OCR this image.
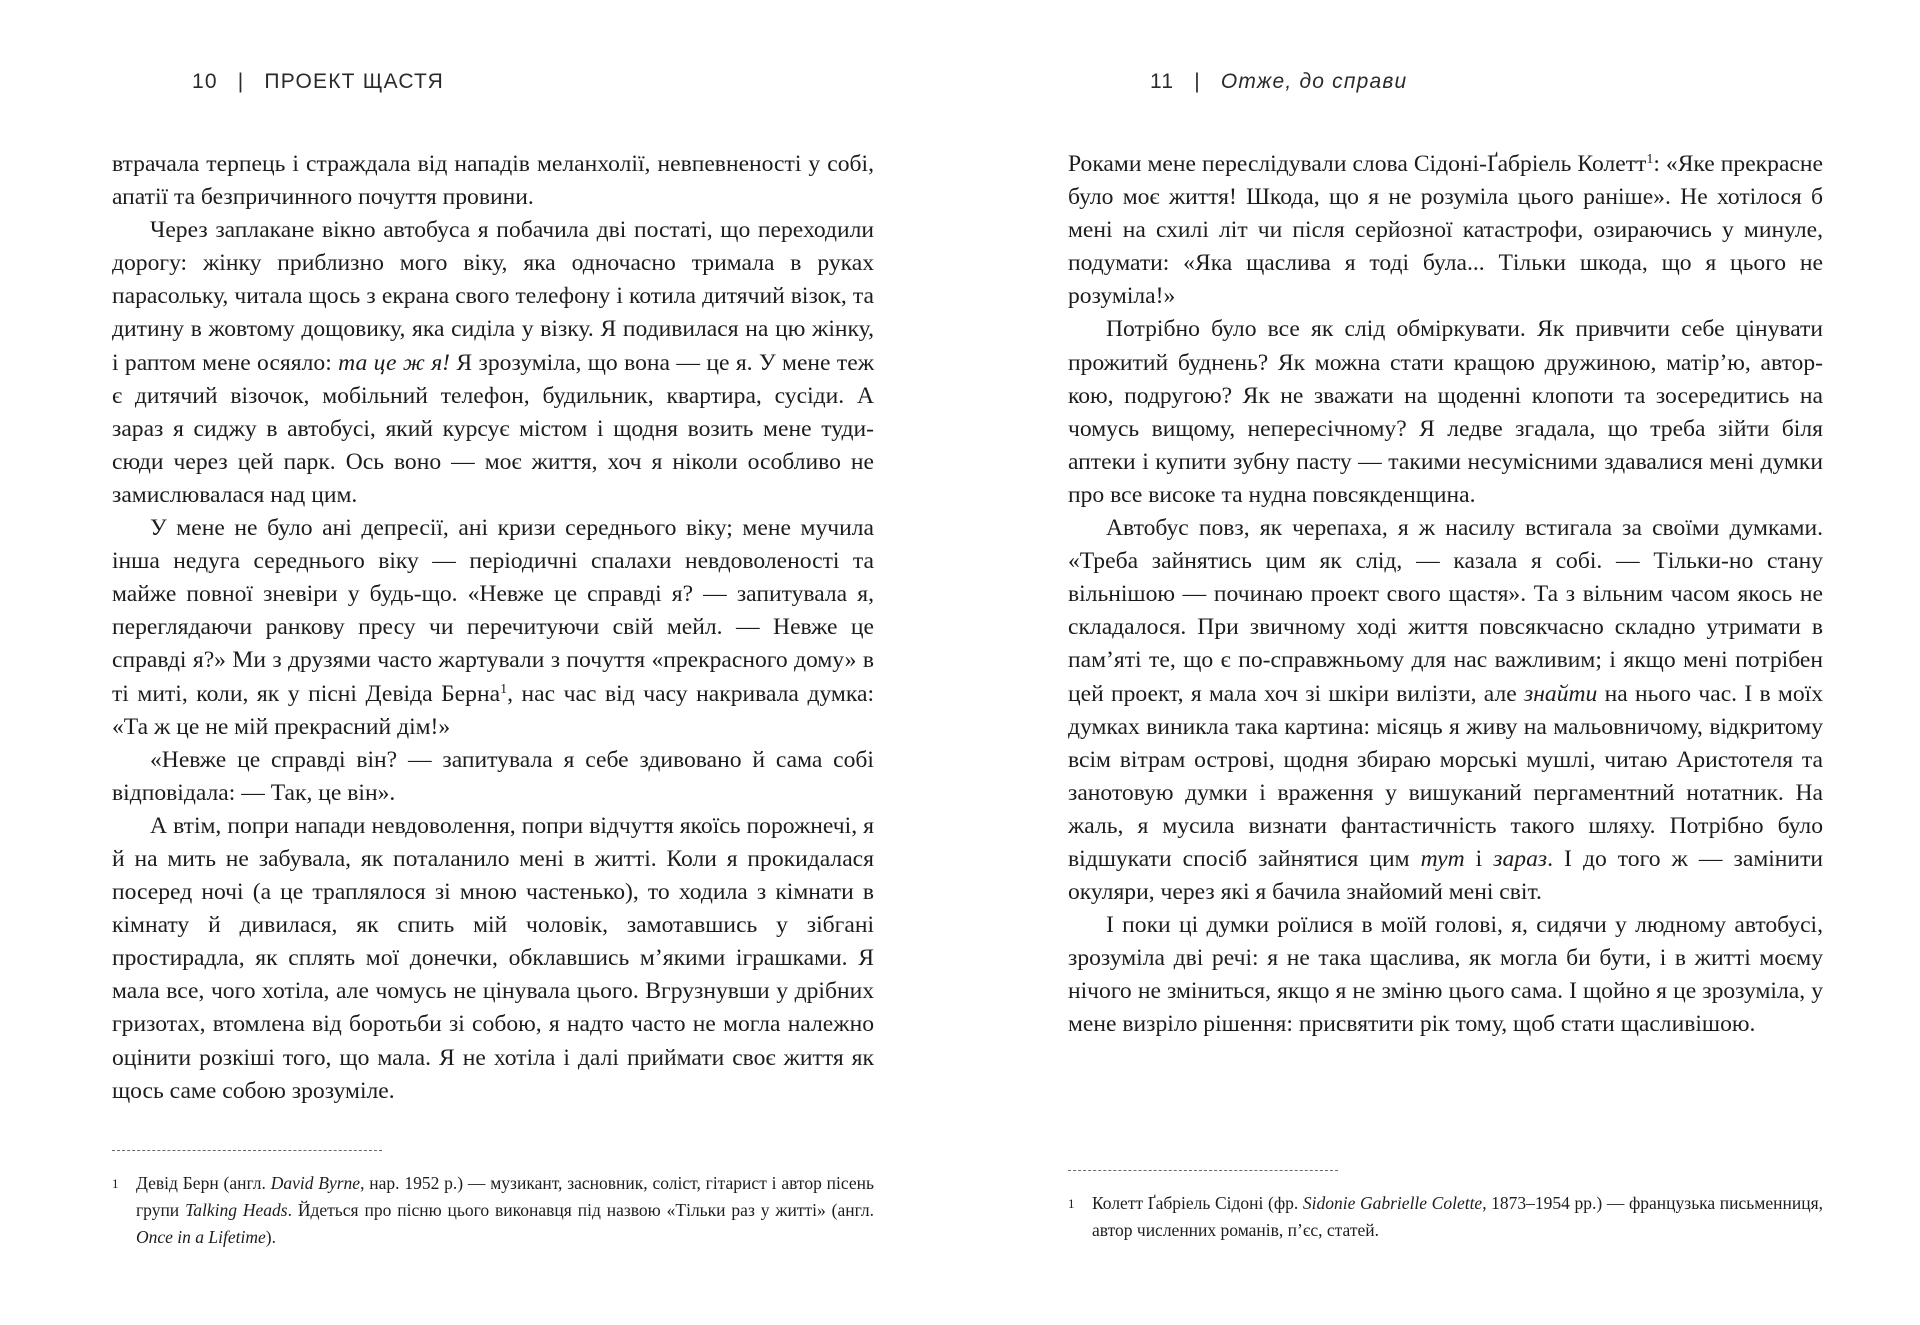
10 | ПРОЕКТ ЩАСТЯ

втрачала терпець і страждала від нападів меланхолії, невпевненості у собі, апатії та безпричинного почуття провини.

Через заплакане вікно автобуса я побачила дві постаті, що переходили дорогу: жінку приблизно мого віку, яка одночасно тримала в руках парасольку, читала щось з екрана свого телефону і котила дитячий візок, та дитину в жовтому дощовику, яка сиділа у візку. Я подивилася на цю жінку, і раптом мене осяяло: та це ж я! Я зрозуміла, що вона — це я. У мене теж є дитячий візочок, мобільний телефон, будильник, квартира, сусіди. А зараз я сиджу в автобусі, який курсує містом і щодня возить мене туди-сюди через цей парк. Ось воно — моє життя, хоч я ніколи особливо не замислювалася над цим.

У мене не було ані депресії, ані кризи середнього віку; мене мучила інша недуга середнього віку — періодичні спалахи невдоволеності та майже повної зневіри у будь-що. «Невже це справді я? — запитувала я, переглядаючи ранкову пресу чи перечитуючи свій мейл. — Невже це справді я?» Ми з друзями часто жартували з почуття «прекрасного дому» в ті миті, коли, як у пісні Девіда Берна$^1$, нас час від часу накривала думка: «Та ж це не мій прекрасний дім!»

«Невже це справді він? — запитувала я себе здивовано й сама собі відповідала: — Так, це він».

А втім, попри напади невдоволення, попри відчуття якоїсь порожнечі, я й на мить не забувала, як поталанило мені в житті. Коли я прокидалася посеред ночі (а це траплялося зі мною частенько), то ходила з кімнати в кімнату й дивилася, як спить мій чоловік, замотавшись у зібгані простирадла, як сплять мої донечки, обклавшись м’якими іграшками. Я мала все, чого хотіла, але чомусь не цінувала цього. Вгрузнувши у дрібних гризотах, втомлена від боротьби зі собою, я надто часто не могла належно оцінити розкіші того, що мала. Я не хотіла і далі приймати своє життя як щось саме собою зрозуміле.

1 Девід Берн (англ. David Byrne, нар. 1952 р.) — музикант, засновник, соліст, гітарист і автор пісень групи Talking Heads. Йдеться про пісню цього виконавця під назвою «Тільки раз у житті» (англ. Once in a Lifetime).
11 | Отже, до справи

Роками мене переслідували слова Сідоні-Ґабріель Колетт$^1$: «Яке прекрасне було моє життя! Шкода, що я не розуміла цього раніше». Не хотілося б мені на схилі літ чи після серйозної катастрофи, озираючись у минуле, подумати: «Яка щаслива я тоді була... Тільки шкода, що я цього не розуміла!»

Потрібно було все як слід обміркувати. Як привчити себе цінувати прожитий буднень? Як можна стати кращою дружиною, матір’ю, авторкою, подругою? Як не зважати на щоденні клопоти та зосередитись на чомусь вищому, непересічному? Я ледве згадала, що треба зійти біля аптеки і купити зубну пасту — такими несумісними здавалися мені думки про все високе та нудна повсякденщина.

Автобус повз, як черепаха, я ж насилу встигала за своїми думками. «Треба зайнятись цим як слід, — казала я собі. — Тільки-но стану вільнішою — починаю проект свого щастя». Та з вільним часом якось не складалося. При звичному ході життя повсякчасно складно утримати в пам’яті те, що є по-справжньому для нас важливим; і якщо мені потрібен цей проект, я мала хоч зі шкіри вилізти, але знайти на нього час. І в моїх думках виникла така картина: місяць я живу на мальовничому, відкритому всім вітрам острові, щодня збираю морські мушлі, читаю Аристотеля та занотовую думки і враження у вишуканий пергаментний нотатник. На жаль, я мусила визнати фантастичність такого шляху. Потрібно було відшукати спосіб зайнятися цим тут і зараз. І до того ж — замінити окуляри, через які я бачила знайомий мені світ.

І поки ці думки роїлися в моїй голові, я, сидячи у людному автобусі, зрозуміла дві речі: я не така щаслива, як могла би бути, і в житті моєму нічого не зміниться, якщо я не зміню цього сама. І щойно я це зрозуміла, у мене визріло рішення: присвятити рік тому, щоб стати щасливішою.

1 Колетт Ґабріель Сідоні (фр. Sidonie Gabrielle Colette, 1873–1954 рр.) — французька письменниця, автор численних романів, п’єс, статей.
